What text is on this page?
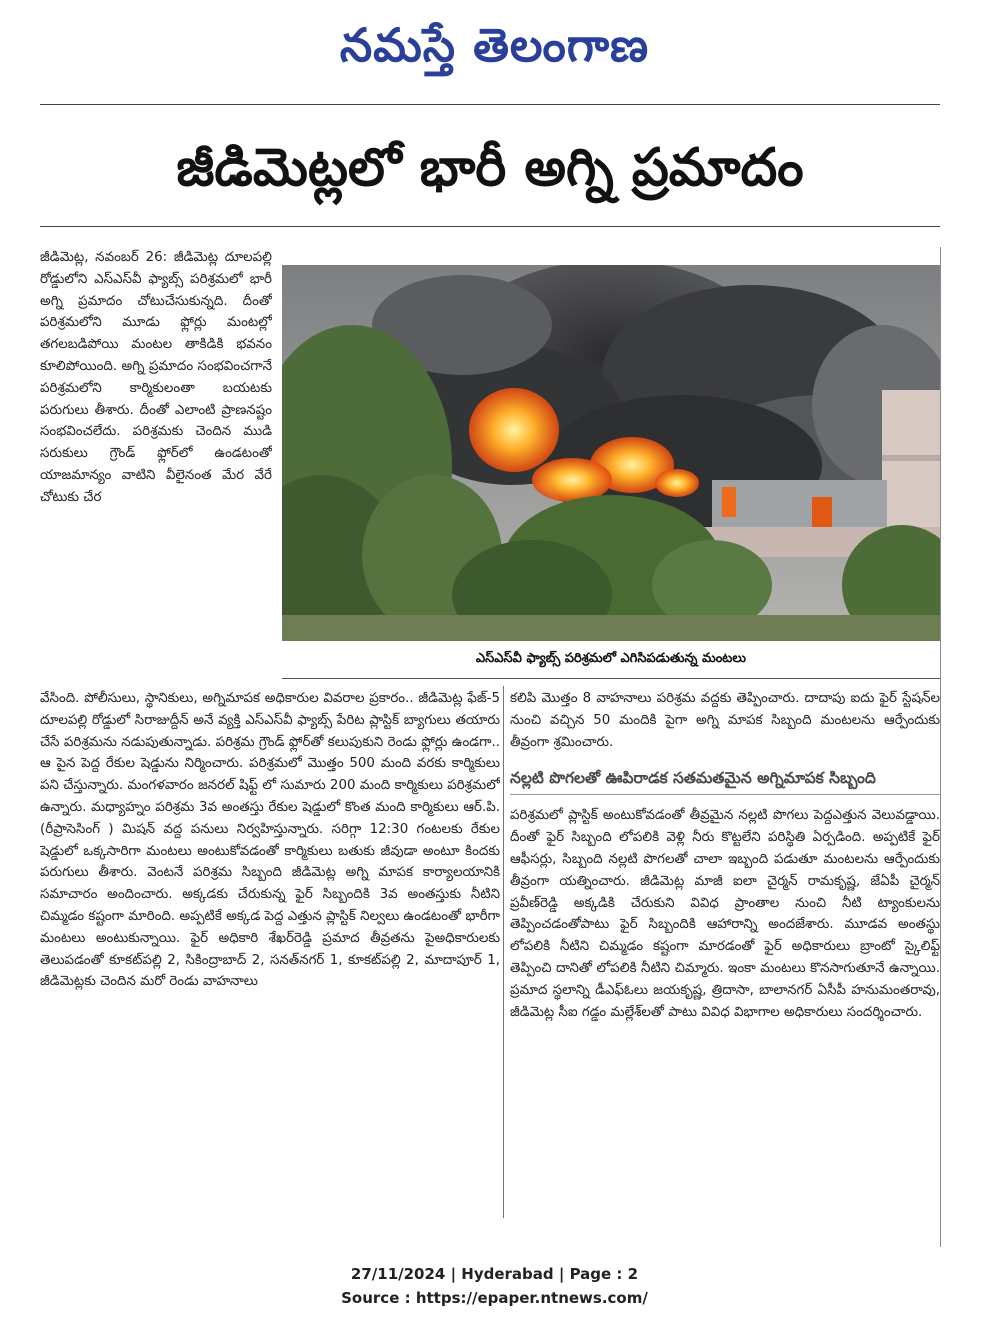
నమస్తే తెలంగాణ
జీడిమెట్లలో భారీ అగ్ని ప్రమాదం

జీడిమెట్ల, నవంబర్ 26: జీడిమెట్ల దూలపల్లి రోడ్డులోని ఎస్‌ఎస్‌వీ ఫ్యాబ్స్ పరిశ్రమలో భారీ అగ్ని ప్రమాదం చోటుచేసుకున్నది. దీంతో పరిశ్రమలోని మూడు ఫ్లోర్లు మంటల్లో తగలబడిపోయి మంటల తాకిడికి భవనం కూలిపోయింది. అగ్ని ప్రమాదం సంభవించగానే పరిశ్రమలోని కార్మికులంతా బయటకు పరుగులు తీశారు. దీంతో ఎలాంటి ప్రాణనష్టం సంభవించలేదు. పరిశ్రమకు చెందిన ముడి సరుకులు గ్రౌండ్ ఫ్లోర్‌లో ఉండటంతో యాజమాన్యం వాటిని వీలైనంత మేర వేరే చోటుకు చేర

ఎస్‌ఎస్‌వీ ఫ్యాబ్స్ పరిశ్రమలో ఎగిసిపడుతున్న మంటలు

వేసింది. పోలీసులు, స్థానికులు, అగ్నిమాపక అధికారుల వివరాల ప్రకారం.. జీడిమెట్ల ఫేజ్-5 దూలపల్లి రోడ్డులో సిరాజుద్దీన్ అనే వ్యక్తి ఎస్‌ఎస్‌వీ ఫ్యాబ్స్ పేరిట ప్లాస్టిక్ బ్యాగులు తయారు చేసే పరిశ్రమను నడుపుతున్నాడు. పరిశ్రమ గ్రౌండ్ ఫ్లోర్‌తో కలుపుకుని రెండు ఫ్లోర్లు ఉండగా.. ఆ పైన పెద్ద రేకుల షెడ్డును నిర్మించారు. పరిశ్రమలో మొత్తం 500 మంది వరకు కార్మికులు పని చేస్తున్నారు. మంగళవారం జనరల్ షిఫ్ట్ లో సుమారు 200 మంది కార్మికులు పరిశ్రమలో ఉన్నారు. మధ్యాహ్నం పరిశ్రమ 3వ అంతస్తు రేకుల షెడ్డులో కొంత మంది కార్మికులు ఆర్.పి. (రీప్రాసెసింగ్ ) మిషన్ వద్ద పనులు నిర్వహిస్తున్నారు. సరిగ్గా 12:30 గంటలకు రేకుల షెడ్డులో ఒక్కసారిగా మంటలు అంటుకోవడంతో కార్మికులు బతుకు జీవుడా అంటూ కిందకు పరుగులు తీశారు. వెంటనే పరిశ్రమ సిబ్బంది జీడిమెట్ల అగ్ని మాపక కార్యాలయానికి సమాచారం అందించారు. అక్కడకు చేరుకున్న ఫైర్ సిబ్బందికి 3వ అంతస్తుకు నీటిని చిమ్మడం కష్టంగా మారింది. అప్పటికే అక్కడ పెద్ద ఎత్తున ప్లాస్టిక్ నిల్వలు ఉండటంతో భారీగా మంటలు అంటుకున్నాయి. ఫైర్ అధికారి శేఖర్‌రెడ్డి ప్రమాద తీవ్రతను పైఅధికారులకు తెలుపడంతో కూకట్‌పల్లి 2, సికింద్రాబాద్ 2, సనత్‌నగర్ 1, కూకట్‌పల్లి 2, మాదాపూర్ 1, జీడిమెట్లకు చెందిన మరో రెండు వాహనాలు

కలిపి మొత్తం 8 వాహనాలు పరిశ్రమ వద్దకు తెప్పించారు. దాదాపు ఐదు ఫైర్ స్టేషన్‌ల నుంచి వచ్చిన 50 మందికి పైగా అగ్ని మాపక సిబ్బంది మంటలను ఆర్పేందుకు తీవ్రంగా శ్రమించారు.

నల్లటి పొగలతో ఊపిరాడక సతమతమైన అగ్నిమాపక సిబ్బంది

పరిశ్రమలో ప్లాస్టిక్ అంటుకోవడంతో తీవ్రమైన నల్లటి పొగలు పెద్దఎత్తున వెలువడ్డాయి. దీంతో ఫైర్ సిబ్బంది లోపలికి వెళ్లి నీరు కొట్టలేని పరిస్థితి ఏర్పడింది. అప్పటికే ఫైర్ ఆఫీసర్లు, సిబ్బంది నల్లటి పొగలతో చాలా ఇబ్బంది పడుతూ మంటలను ఆర్పేందుకు తీవ్రంగా యత్నించారు. జీడిమెట్ల మాజీ ఐలా చైర్మన్ రామకృష్ణ, జేఏపీ చైర్మన్ ప్రవీణ్‌రెడ్డి అక్కడికి చేరుకుని వివిధ ప్రాంతాల నుంచి నీటి ట్యాంకులను తెప్పించడంతోపాటు ఫైర్ సిబ్బందికి ఆహారాన్ని అందజేశారు. మూడవ అంతస్థు లోపలికి నీటిని చిమ్మడం కష్టంగా మారడంతో ఫైర్ అధికారులు బ్రాంటో స్కైలిఫ్ట్ తెప్పించి దానితో లోపలికి నీటిని చిమ్మారు. ఇంకా మంటలు కొనసాగుతూనే ఉన్నాయి. ప్రమాద స్థలాన్ని డీఎఫ్‌ఓలు జయకృష్ణ, త్రిదాసా, బాలానగర్ ఏసీపీ హనుమంతరావు, జీడిమెట్ల సీఐ గడ్డం మల్లేశ్‌లతో పాటు వివిధ విభాగాల అధికారులు సందర్శించారు.

27/11/2024 | Hyderabad | Page : 2
Source : https://epaper.ntnews.com/
